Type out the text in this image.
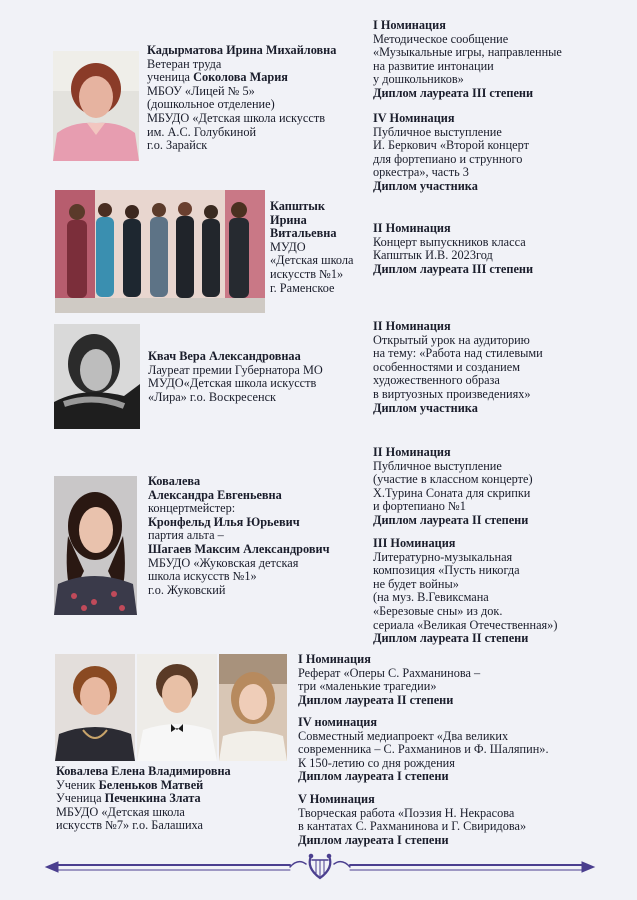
Кадырматова Ирина Михайловна
Ветеран труда
ученица Соколова Мария
МБОУ «Лицей № 5»
(дошкольное отделение)
МБУДО «Детская школа искусств
им. А.С. Голубкиной
г.о. Зарайск
I Номинация
Методическое сообщение
«Музыкальные игры, направленные
на развитие интонации
у дошкольников»
Диплом лауреата III степени
IV Номинация
Публичное выступление
И. Беркович «Второй концерт
для фортепиано и струнного
оркестра», часть 3
Диплом участника
Капштык
Ирина
Витальевна
МУДО
«Детская школа
искусств №1»
г. Раменское
II Номинация
Концерт выпускников класса
Капштык И.В. 2023год
Диплом лауреата III степени
Квач Вера Александровнаа
Лауреат премии Губернатора МО
МУДО«Детская школа искусств
«Лира» г.о. Воскресенск
II Номинация
Открытый урок на аудиторию
на тему: «Работа над стилевыми
особенностями и созданием
художественного образа
в виртуозных произведениях»
Диплом участника
Ковалева
Александра Евгеньевна
концертмейстер:
Кронфельд Илья Юрьевич
партия альта –
Шагаев Максим Александрович
МБУДО «Жуковская детская
школа искусств №1»
г.о. Жуковский
II Номинация
Публичное выступление
(участие в классном концерте)
Х.Турина Соната для скрипки
и фортепиано №1
Диплом лауреата II степени
III Номинация
Литературно-музыкальная
композиция «Пусть никогда
не будет войны»
(на муз. В.Гевиксмана
«Березовые сны» из док.
сериала «Великая Отечественная»)
Диплом лауреата II степени
Ковалева Елена Владимировна
Ученик Беленьков Матвей
Ученица Печенкина Злата
МБУДО «Детская школа
искусств №7» г.о. Балашиха
I Номинация
Реферат «Оперы С. Рахманинова –
три «маленькие трагедии»
Диплом лауреата II степени
IV номинация
Совместный медиапроект «Два великих
современника – С. Рахманинов и Ф. Шаляпин».
К 150-летию со дня рождения
Диплом лауреата I степени
V Номинация
Творческая работа «Поэзия Н. Некрасова
в кантатах С. Рахманинова и Г. Свиридова»
Диплом лауреата I степени
